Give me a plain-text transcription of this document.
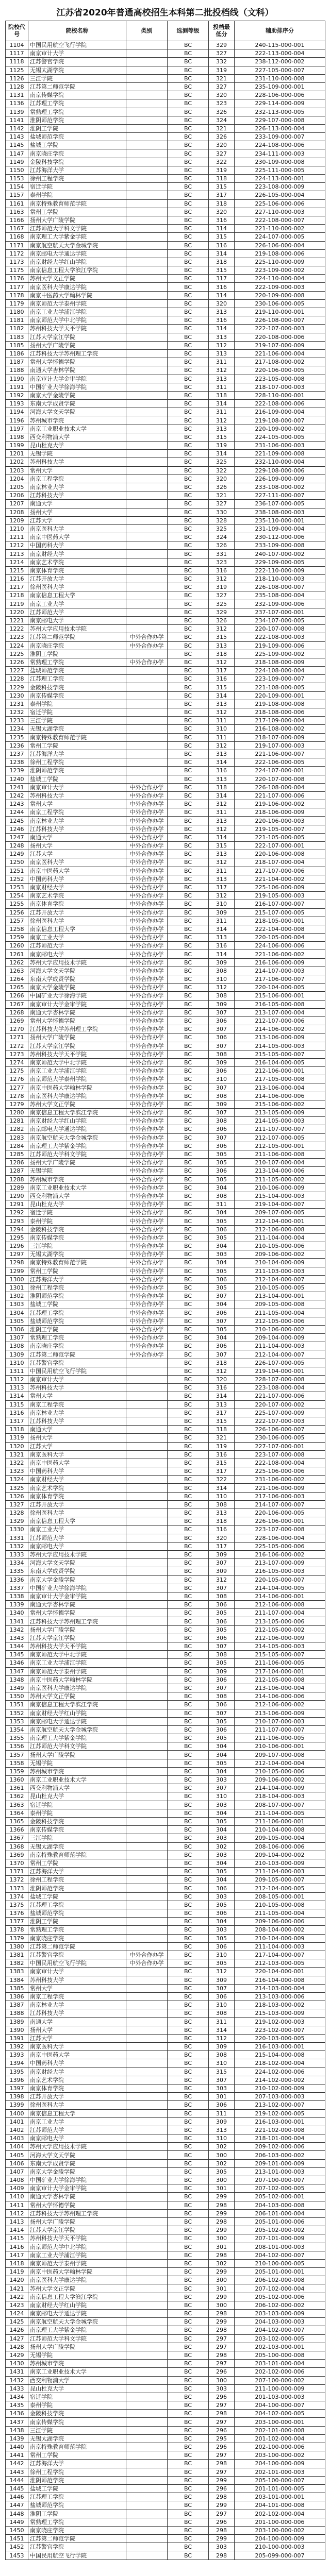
江苏省2020年普通高校招生本科第二批投档线（文科）
院校代号	院校名称	类别	选测等级	投档最低分	辅助排序分
1104	中国民用航空飞行学院		BC	329	240-115-000-001
1117	南京审计大学		BC	327	222-113-000-004
1118	江苏警官学院		BC	332	238-112-000-002
1125	无锡太湖学院		BC	319	227-105-000-007
1126	三江学院		BC	321	231-110-000-008
1128	江苏第二师范学院		BC	327	235-109-000-001
1131	南京传媒学院		BC	320	228-106-000-006
1136	江苏理工学院		BC	323	229-114-000-009
1139	常熟理工学院		BC	326	232-113-000-005
1141	淮阴师范学院		BC	324	229-107-000-008
1142	淮阴工学院		BC	321	226-113-000-004
1143	盐城师范学院		BC	326	233-109-000-007
1145	盐城工学院		BC	320	224-108-000-006
1147	南京晓庄学院		BC	327	234-111-000-003
1149	金陵科技学院		BC	322	230-109-000-008
1150	江苏海洋大学		BC	319	225-111-000-005
1153	徐州工程学院		BC	318	224-113-000-001
1154	宿迁学院		BC	315	223-108-000-009
1157	泰州学院		BC	317	226-105-000-004
1161	南京特殊教育师范学院		BC	318	225-106-000-006
1163	常州工学院		BC	320	227-110-000-003
1166	扬州大学广陵学院		BC	316	222-108-000-007
1167	江苏师范大学科文学院		BC	314	221-110-000-002
1168	南京理工大学紫金学院		BC	315	224-107-000-005
1171	南京航空航天大学金城学院		BC	316	226-106-000-004
1172	南京邮电大学通达学院		BC	314	219-108-000-006
1173	南京财经大学红山学院		BC	318	225-110-000-009
1175	南京信息工程大学滨江学院		BC	315	223-109-000-002
1176	苏州大学文正学院		BC	317	224-110-000-004
1177	南京医科大学康达学院		BC	316	222-109-000-003
1178	南京中医药大学翰林学院		BC	314	220-109-000-008
1179	南京师范大学泰州学院		BC	320	230-106-000-005
1180	南京工业大学浦江学院		BC	313	219-110-000-001
1181	南京师范大学中北学院		BC	316	226-108-000-007
1182	苏州科技大学天平学院		BC	314	222-107-000-003
1183	江苏大学京江学院		BC	313	220-108-000-006
1185	扬州大学广陵学院		BC	312	219-107-000-009
1186	江苏科技大学苏州理工学院		BC	313	221-106-000-004
1187	常州大学怀德学院		BC	311	217-108-000-002
1188	南通大学杏林学院		BC	312	220-106-000-005
1190	南京审计大学金审学院		BC	313	223-105-000-008
1191	中国矿业大学徐海学院		BC	311	218-107-000-003
1192	南京大学金陵学院		BC	318	228-110-000-001
1193	东南大学成贤学院		BC	314	222-108-000-006
1194	河海大学文天学院		BC	311	216-109-000-004
1196	苏州城市学院		BC	312	219-108-000-007
1197	南京工业职业技术大学		BC	313	220-109-000-002
1198	西交利物浦大学		BC	315	224-105-000-005
1199	昆山杜克大学		BC	319	231-106-000-003
1201	无锡学院		BC	314	221-109-000-008
1202	苏州科技大学		BC	325	232-110-000-004
1203	常州大学		BC	322	229-108-000-006
1204	南京工程学院		BC	320	226-109-000-009
1205	南京林业大学		BC	326	233-108-000-002
1206	江苏科技大学		BC	321	227-111-000-007
1207	南通大学		BC	327	236-107-000-005
1208	扬州大学		BC	330	238-108-000-003
1209	江苏大学		BC	328	235-110-000-001
1210	南京医科大学		BC	325	231-109-000-004
1211	南京中医药大学		BC	324	230-112-000-006
1212	中国药科大学		BC	326	233-109-000-008
1213	南京财经大学		BC	331	240-107-000-002
1214	南京艺术学院		BC	323	229-109-000-005
1215	南京体育学院		BC	316	222-110-000-009
1216	江苏开放大学		BC	312	218-110-000-003
1217	徐州医科大学		BC	319	226-108-000-007
1218	南京信息工程大学		BC	327	235-108-000-004
1219	南京工业大学		BC	325	232-109-000-006
1220	江苏师范大学		BC	329	237-107-000-001
1221	南京邮电大学		BC	326	234-107-000-005
1222	苏州大学应用技术学院		BC	312	220-107-000-008
1223	江苏第二师范学院	中外合作办学	BC	315	222-108-000-003
1224	南京晓庄学院	中外合作办学	BC	313	219-109-000-006
1225	淮阴工学院		BC	318	225-109-000-002
1226	常熟理工学院	中外合作办学	BC	312	218-108-000-009
1227	盐城师范学院		BC	317	224-108-000-004
1228	江苏理工学院		BC	316	223-109-000-007
1229	金陵科技学院		BC	315	221-108-000-005
1230	南京传媒学院		BC	314	220-109-000-001
1231	泰州学院		BC	313	219-108-000-008
1232	宿迁学院		BC	312	218-108-000-006
1233	三江学院		BC	311	217-109-000-004
1234	无锡太湖学院		BC	310	216-108-000-002
1235	南京特殊教育师范学院		BC	311	218-107-000-009
1236	常州工学院		BC	312	219-107-000-003
1237	江苏海洋大学		BC	313	221-106-000-007
1238	徐州工程学院		BC	314	222-106-000-005
1239	淮阴师范学院		BC	316	224-107-000-001
1240	盐城工学院		BC	313	220-107-000-008
1241	南京审计大学	中外合作办学	BC	318	226-108-000-004
1242	苏州科技大学	中外合作办学	BC	314	221-107-000-006
1243	常州大学	中外合作办学	BC	312	219-106-000-002
1244	南京工程学院	中外合作办学	BC	311	218-106-000-009
1245	南京林业大学	中外合作办学	BC	313	220-106-000-003
1246	江苏科技大学	中外合作办学	BC	312	219-105-000-007
1247	南通大学	中外合作办学	BC	314	221-105-000-005
1248	扬州大学	中外合作办学	BC	315	222-107-000-001
1249	江苏大学	中外合作办学	BC	313	220-106-000-008
1250	南京医科大学	中外合作办学	BC	312	218-107-000-004
1251	南京中医药大学	中外合作办学	BC	311	217-107-000-006
1252	中国药科大学	中外合作办学	BC	313	221-104-000-002
1253	南京财经大学	中外合作办学	BC	317	225-106-000-009
1254	南京艺术学院	中外合作办学	BC	312	219-105-000-003
1255	南京体育学院	中外合作办学	BC	310	216-107-000-007
1256	江苏开放大学	中外合作办学	BC	309	215-107-000-005
1257	徐州医科大学	中外合作办学	BC	311	218-105-000-001
1258	南京信息工程大学	中外合作办学	BC	314	222-104-000-008
1259	南京工业大学	中外合作办学	BC	313	220-105-000-004
1260	江苏师范大学	中外合作办学	BC	316	224-106-000-006
1261	南京邮电大学	中外合作办学	BC	314	221-106-000-002
1262	苏州大学应用技术学院	中外合作办学	BC	309	216-106-000-009
1263	河海大学文天学院	中外合作办学	BC	308	214-107-000-003
1264	东南大学成贤学院	中外合作办学	BC	310	217-106-000-007
1265	南京大学金陵学院	中外合作办学	BC	312	220-104-000-005
1266	中国矿业大学徐海学院	中外合作办学	BC	308	215-106-000-001
1267	南京审计大学金审学院	中外合作办学	BC	309	216-105-000-008
1268	南通大学杏林学院	中外合作办学	BC	307	213-107-000-004
1269	常州大学怀德学院	中外合作办学	BC	306	212-107-000-006
1270	江苏科技大学苏州理工学院	中外合作办学	BC	307	214-106-000-002
1271	扬州大学广陵学院	中外合作办学	BC	306	213-106-000-009
1272	江苏大学京江学院	中外合作办学	BC	307	214-105-000-003
1273	苏州科技大学天平学院	中外合作办学	BC	308	215-105-000-007
1274	南京师范大学中北学院	中外合作办学	BC	309	216-104-000-005
1275	南京工业大学浦江学院	中外合作办学	BC	306	212-106-000-001
1276	南京师范大学泰州学院	中外合作办学	BC	310	217-105-000-008
1277	南京中医药大学翰林学院	中外合作办学	BC	307	213-106-000-004
1278	南京医科大学康达学院	中外合作办学	BC	308	214-106-000-006
1279	苏州大学文正学院	中外合作办学	BC	309	215-106-000-002
1280	南京信息工程大学滨江学院	中外合作办学	BC	307	213-105-000-009
1281	南京财经大学红山学院	中外合作办学	BC	308	214-105-000-003
1282	南京邮电大学通达学院	中外合作办学	BC	306	211-107-000-007
1283	南京航空航天大学金城学院	中外合作办学	BC	307	212-107-000-005
1284	南京理工大学紫金学院	中外合作办学	BC	306	212-105-000-001
1285	江苏师范大学科文学院	中外合作办学	BC	305	211-106-000-008
1286	扬州大学广陵学院	中外合作办学	BC	305	210-107-000-004
1287	无锡学院	中外合作办学	BC	306	213-104-000-006
1288	苏州城市学院	中外合作办学	BC	305	211-105-000-002
1289	南京工业职业技术大学	中外合作办学	BC	304	210-106-000-009
1290	西交利物浦大学	中外合作办学	BC	308	215-104-000-003
1291	昆山杜克大学	中外合作办学	BC	311	219-104-000-007
1292	宿迁学院	中外合作办学	BC	304	209-107-000-005
1293	泰州学院	中外合作办学	BC	305	212-104-000-001
1294	金陵科技学院	中外合作办学	BC	306	212-106-000-008
1295	南京传媒学院	中外合作办学	BC	305	211-104-000-004
1296	三江学院	中外合作办学	BC	304	210-105-000-006
1297	无锡太湖学院	中外合作办学	BC	303	209-106-000-002
1298	南京特殊教育师范学院	中外合作办学	BC	304	210-104-000-009
1299	常州工学院	中外合作办学	BC	305	211-103-000-003
1300	江苏海洋大学	中外合作办学	BC	306	212-104-000-007
1301	徐州工程学院	中外合作办学	BC	305	210-105-000-005
1302	淮阴师范学院	中外合作办学	BC	307	213-104-000-001
1303	盐城工学院	中外合作办学	BC	304	209-105-000-008
1304	江苏理工学院	中外合作办学	BC	306	211-105-000-004
1305	盐城师范学院	中外合作办学	BC	307	212-105-000-006
1306	淮阴工学院	中外合作办学	BC	305	210-106-000-002
1307	常熟理工学院	中外合作办学	BC	304	209-104-000-009
1308	南京晓庄学院	中外合作办学	BC	306	211-104-000-003
1309	江苏第二师范学院	中外合作办学	BC	307	212-104-000-007
1310	江苏警官学院		BC	318	226-107-000-005
1311	中国民用航空飞行学院		BC	312	219-104-000-001
1312	南京审计大学		BC	320	228-107-000-008
1313	苏州科技大学		BC	316	223-108-000-004
1314	常州大学		BC	314	221-107-000-006
1315	南京工程学院		BC	313	220-107-000-002
1316	南京林业大学		BC	317	225-107-000-009
1317	江苏科技大学		BC	315	222-107-000-003
1318	南通大学		BC	318	226-106-000-007
1319	扬州大学		BC	321	230-106-000-005
1320	江苏大学		BC	319	227-107-000-001
1321	南京医科大学		BC	316	223-107-000-008
1322	南京中医药大学		BC	315	222-108-000-004
1323	中国药科大学		BC	317	225-106-000-006
1324	南京财经大学		BC	322	231-106-000-002
1325	南京艺术学院		BC	314	221-106-000-009
1326	南京体育学院		BC	310	217-106-000-003
1327	江苏开放大学		BC	308	214-107-000-007
1328	徐州医科大学		BC	313	220-106-000-005
1329	南京信息工程大学		BC	318	226-106-000-001
1330	南京工业大学		BC	316	223-107-000-008
1331	江苏师范大学		BC	320	228-106-000-004
1332	南京邮电大学		BC	317	225-105-000-006
1333	苏州大学应用技术学院		BC	309	216-106-000-002
1334	河海大学文天学院		BC	307	213-107-000-009
1335	东南大学成贤学院		BC	309	216-105-000-003
1336	南京大学金陵学院		BC	312	220-105-000-007
1337	中国矿业大学徐海学院		BC	307	214-104-000-005
1338	南京审计大学金审学院		BC	308	214-106-000-001
1339	南通大学杏林学院		BC	306	212-106-000-008
1340	常州大学怀德学院		BC	305	211-107-000-004
1341	江苏科技大学苏州理工学院		BC	306	213-105-000-006
1342	扬州大学广陵学院		BC	305	212-105-000-002
1343	江苏大学京江学院		BC	306	212-106-000-009
1344	苏州科技大学天平学院		BC	307	214-105-000-003
1345	南京师范大学中北学院		BC	308	215-105-000-007
1346	南京工业大学浦江学院		BC	305	211-106-000-005
1347	南京师范大学泰州学院		BC	309	217-104-000-001
1348	南京中医药大学翰林学院		BC	306	212-105-000-008
1349	南京医科大学康达学院		BC	307	213-106-000-004
1350	苏州大学文正学院		BC	308	214-106-000-006
1351	南京信息工程大学滨江学院		BC	306	212-106-000-002
1352	南京财经大学红山学院		BC	307	213-106-000-009
1353	南京邮电大学通达学院		BC	305	210-107-000-003
1354	南京航空航天大学金城学院		BC	306	211-107-000-007
1355	南京理工大学紫金学院		BC	305	211-106-000-005
1356	江苏师范大学科文学院		BC	304	210-106-000-001
1357	扬州大学广陵学院		BC	304	209-107-000-008
1358	无锡学院		BC	305	212-104-000-004
1359	苏州城市学院		BC	304	210-105-000-006
1360	南京工业职业技术大学		BC	303	209-106-000-002
1361	西交利物浦大学		BC	307	214-104-000-009
1362	昆山杜克大学		BC	310	218-104-000-003
1363	宿迁学院		BC	303	208-107-000-007
1364	泰州学院		BC	304	211-104-000-005
1365	金陵科技学院		BC	305	211-106-000-001
1366	南京传媒学院		BC	304	210-104-000-008
1367	三江学院		BC	303	209-105-000-004
1368	无锡太湖学院		BC	302	208-106-000-006
1369	南京特殊教育师范学院		BC	303	209-104-000-002
1370	常州工学院		BC	304	210-103-000-009
1371	江苏海洋大学		BC	305	211-104-000-003
1372	徐州工程学院		BC	304	209-105-000-007
1373	淮阴师范学院		BC	306	212-104-000-005
1374	盐城工学院		BC	303	208-105-000-001
1375	江苏理工学院		BC	305	210-105-000-008
1376	盐城师范学院		BC	306	211-105-000-004
1377	淮阴工学院		BC	304	209-106-000-006
1378	常熟理工学院		BC	303	208-104-000-002
1379	南京晓庄学院		BC	305	210-104-000-009
1380	江苏第二师范学院		BC	306	211-104-000-003
1381	江苏警官学院	中外合作办学	BC	310	217-104-000-007
1382	中国民用航空飞行学院	中外合作办学	BC	305	212-103-000-005
1383	南京审计大学		BC	312	220-104-000-001
1384	苏州科技大学		BC	309	216-104-000-008
1385	常州大学		BC	307	214-103-000-004
1386	南京工程学院		BC	306	213-103-000-006
1387	南京林业大学		BC	310	218-103-000-002
1388	江苏科技大学		BC	308	215-103-000-009
1389	南通大学		BC	311	219-102-000-003
1390	扬州大学		BC	314	223-102-000-007
1391	江苏大学		BC	312	220-103-000-005
1392	南京医科大学		BC	309	216-103-000-001
1393	南京中医药大学		BC	308	215-104-000-008
1394	中国药科大学		BC	310	218-102-000-004
1395	南京财经大学		BC	315	224-102-000-006
1396	南京艺术学院		BC	307	214-102-000-002
1397	南京体育学院		BC	303	210-102-000-009
1398	江苏开放大学		BC	301	207-103-000-003
1399	徐州医科大学		BC	306	213-102-000-007
1400	南京信息工程大学		BC	311	219-102-000-005
1401	南京工业大学		BC	309	216-103-000-001
1402	江苏师范大学		BC	313	221-102-000-008
1403	南京邮电大学		BC	310	218-101-000-004
1404	苏州大学应用技术学院		BC	302	209-102-000-006
1405	河海大学文天学院		BC	300	206-103-000-002
1406	东南大学成贤学院		BC	302	209-101-000-009
1407	南京大学金陵学院		BC	305	213-101-000-003
1408	中国矿业大学徐海学院		BC	300	207-100-000-007
1409	南京审计大学金审学院		BC	301	207-102-000-005
1410	南通大学杏林学院		BC	299	205-102-000-001
1411	常州大学怀德学院		BC	298	204-103-000-008
1412	江苏科技大学苏州理工学院		BC	299	206-101-000-004
1413	扬州大学广陵学院		BC	298	205-101-000-006
1414	江苏大学京江学院		BC	299	205-102-000-002
1415	苏州科技大学天平学院		BC	300	207-101-000-009
1416	南京师范大学中北学院		BC	301	208-101-000-003
1417	南京工业大学浦江学院		BC	298	204-102-000-007
1418	南京师范大学泰州学院		BC	302	210-100-000-005
1419	南京中医药大学翰林学院		BC	299	205-101-000-001
1420	南京医科大学康达学院		BC	300	206-102-000-008
1421	苏州大学文正学院		BC	301	207-102-000-004
1422	南京信息工程大学滨江学院		BC	299	205-102-000-006
1423	南京财经大学红山学院		BC	300	206-102-000-002
1424	南京邮电大学通达学院		BC	298	203-103-000-009
1425	南京航空航天大学金城学院		BC	299	204-103-000-003
1426	南京理工大学紫金学院		BC	298	204-102-000-007
1427	江苏师范大学科文学院		BC	297	203-102-000-005
1428	扬州大学广陵学院		BC	297	202-103-000-001
1429	无锡学院		BC	298	205-100-000-008
1430	苏州城市学院		BC	297	203-101-000-004
1431	南京工业职业技术大学		BC	296	202-102-000-006
1432	西交利物浦大学		BC	300	207-100-000-002
1433	昆山杜克大学		BC	303	211-100-000-009
1434	宿迁学院		BC	296	201-103-000-003
1435	泰州学院		BC	297	204-100-000-007
1436	金陵科技学院		BC	298	204-102-000-005
1437	南京传媒学院		BC	297	203-100-000-001
1438	三江学院		BC	296	202-101-000-008
1439	无锡太湖学院		BC	295	201-102-000-004
1440	南京特殊教育师范学院		BC	296	202-100-000-006
1441	常州工学院		BC	297	203-100-000-002
1442	江苏海洋大学		BC	298	204-100-000-009
1443	徐州工程学院		BC	297	202-101-000-003
1444	淮阴师范学院		BC	299	205-100-000-007
1445	盐城工学院		BC	296	201-101-000-005
1446	江苏理工学院		BC	298	203-101-000-001
1447	盐城师范学院		BC	299	204-101-000-008
1448	淮阴工学院		BC	297	202-102-000-004
1449	常熟理工学院		BC	296	201-100-000-006
1450	南京晓庄学院		BC	298	203-100-000-002
1451	江苏第二师范学院		BC	299	204-100-000-009
1452	江苏警官学院		BC	303	210-100-000-003
1453	中国民用航空飞行学院		BC	298	205-099-000-007
